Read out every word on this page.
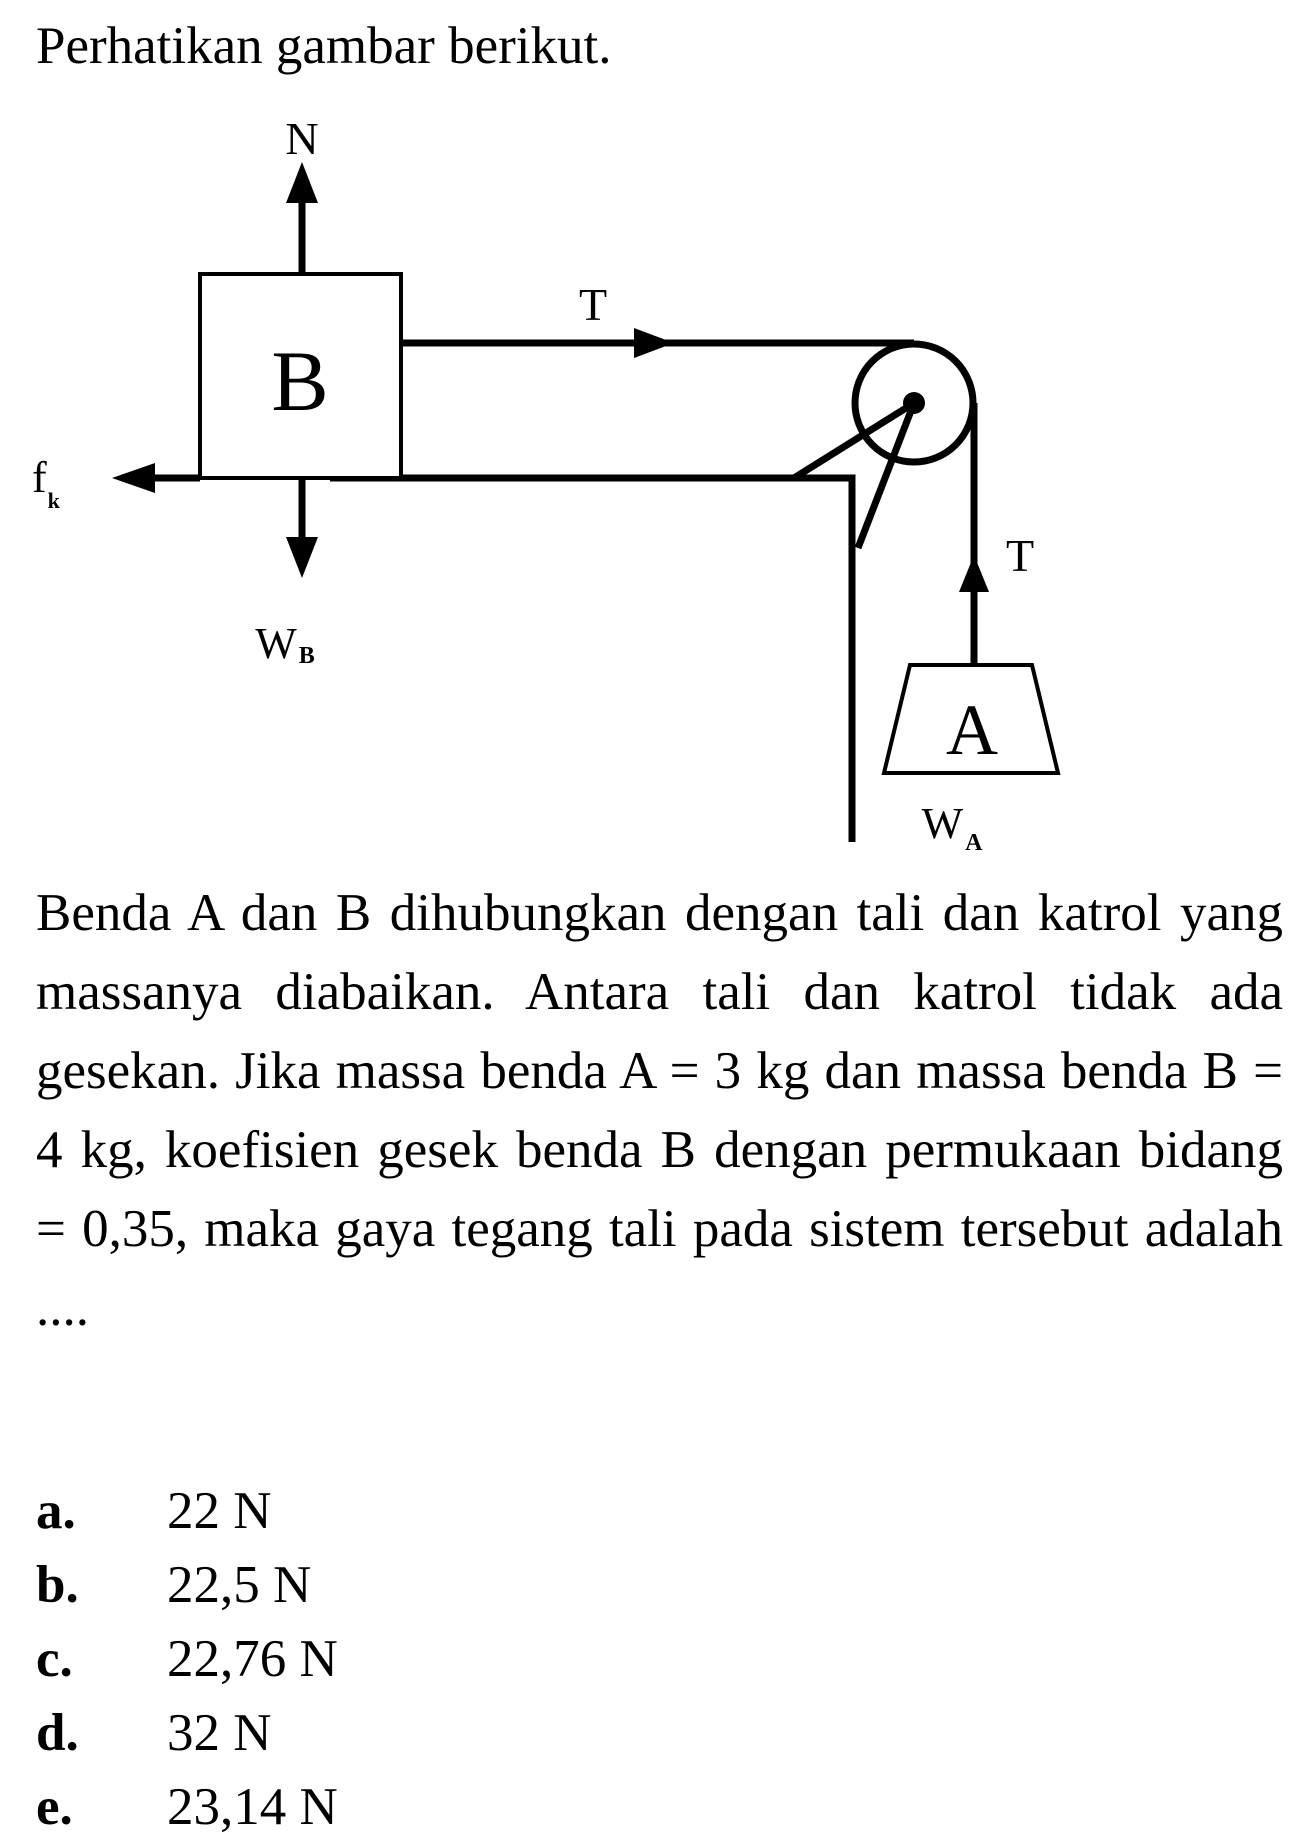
Perhatikan gambar berikut.
B
N
WB
$f_k$
T
T
A
$W_A$
Benda A dan B dihubungkan dengan tali dan katrol yang massanya diabaikan. Antara tali dan katrol tidak ada gesekan. Jika massa benda A = 3 kg dan massa benda B = 4 kg, koefisien gesek benda B dengan permukaan bidang = 0,35, maka gaya tegang tali pada sistem tersebut adalah ....
a. 22 N
b. 22,5 N
c. 22,76 N
d. 32 N
e. 23,14 N
